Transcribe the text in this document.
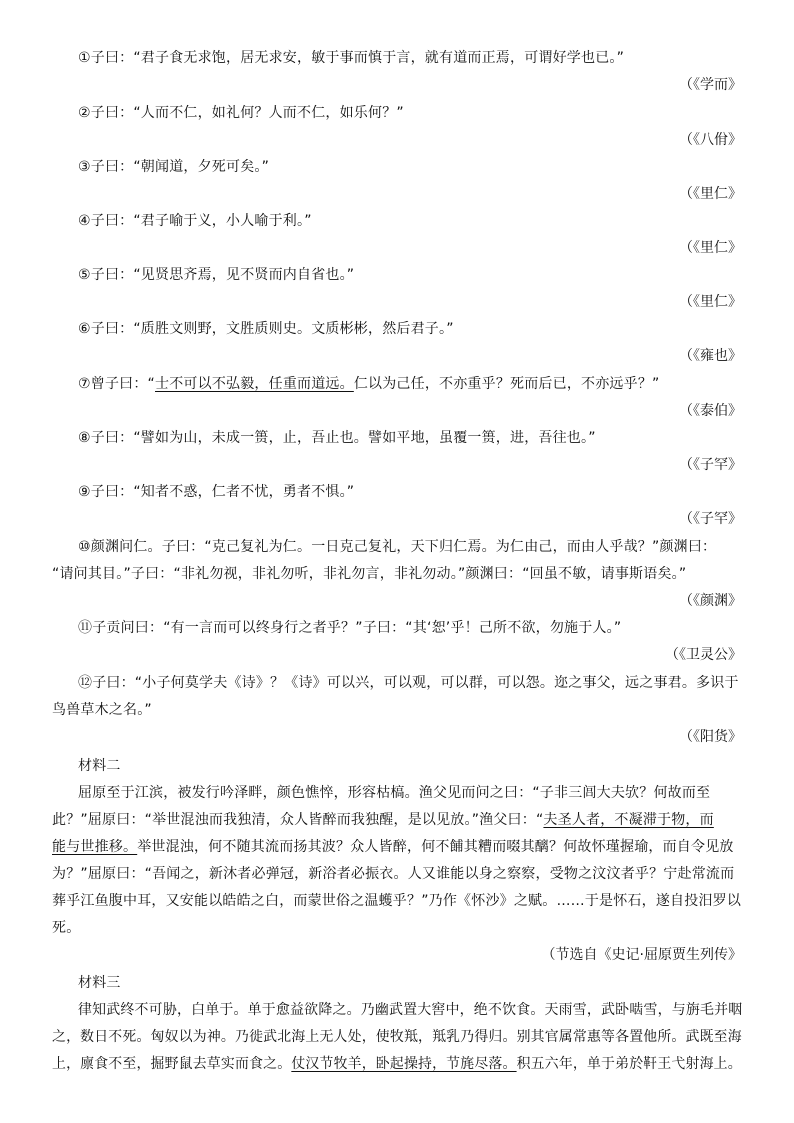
①子曰：“君子食无求饱，居无求安，敏于事而慎于言，就有道而正焉，可谓好学也已。”
（《学而》
②子曰：“人而不仁，如礼何？人而不仁，如乐何？”
（《八佾》
③子曰：“朝闻道，夕死可矣。”
（《里仁》
④子曰：“君子喻于义，小人喻于利。”
（《里仁》
⑤子曰：“见贤思齐焉，见不贤而内自省也。”
（《里仁》
⑥子曰：“质胜文则野，文胜质则史。文质彬彬，然后君子。”
（《雍也》
⑦曾子曰：“士不可以不弘毅，任重而道远。仁以为己任，不亦重乎？死而后已，不亦远乎？”
（《泰伯》
⑧子曰：“譬如为山，未成一篑，止，吾止也。譬如平地，虽覆一篑，进，吾往也。”
（《子罕》
⑨子曰：“知者不惑，仁者不忧，勇者不惧。”
（《子罕》
⑩颜渊问仁。子曰：“克己复礼为仁。一日克己复礼，天下归仁焉。为仁由己，而由人乎哉？”颜渊曰：
“请问其目。”子曰：“非礼勿视，非礼勿听，非礼勿言，非礼勿动。”颜渊曰：“回虽不敏，请事斯语矣。”
（《颜渊》
⑪子贡问曰：“有一言而可以终身行之者乎？”子曰：“其‘恕’乎！己所不欲，勿施于人。”
（《卫灵公》
⑫子曰：“小子何莫学夫《诗》？《诗》可以兴，可以观，可以群，可以怨。迩之事父，远之事君。多识于
鸟兽草木之名。”
（《阳货》
材料二
屈原至于江滨，被发行吟泽畔，颜色憔悴，形容枯槁。渔父见而问之曰：“子非三闾大夫欤？何故而至
此？”屈原曰：“举世混浊而我独清，众人皆醉而我独醒，是以见放。”渔父曰：“夫圣人者，不凝滞于物，而
能与世推移。举世混浊，何不随其流而扬其波？众人皆醉，何不餔其糟而啜其醨？何故怀瑾握瑜，而自令见放
为？”屈原曰：“吾闻之，新沐者必弹冠，新浴者必振衣。人又谁能以身之察察，受物之汶汶者乎？宁赴常流而
葬乎江鱼腹中耳，又安能以皓皓之白，而蒙世俗之温蠖乎？”乃作《怀沙》之赋。……于是怀石，遂自投汨罗以
死。
（节选自《史记·屈原贾生列传》
材料三
律知武终不可胁，白单于。单于愈益欲降之。乃幽武置大窖中，绝不饮食。天雨雪，武卧啮雪，与旃毛并咽
之，数日不死。匈奴以为神。乃徙武北海上无人处，使牧羝，羝乳乃得归。别其官属常惠等各置他所。武既至海
上，廪食不至，掘野鼠去草实而食之。仗汉节牧羊，卧起操持，节旄尽落。积五六年，单于弟於靬王弋射海上。
